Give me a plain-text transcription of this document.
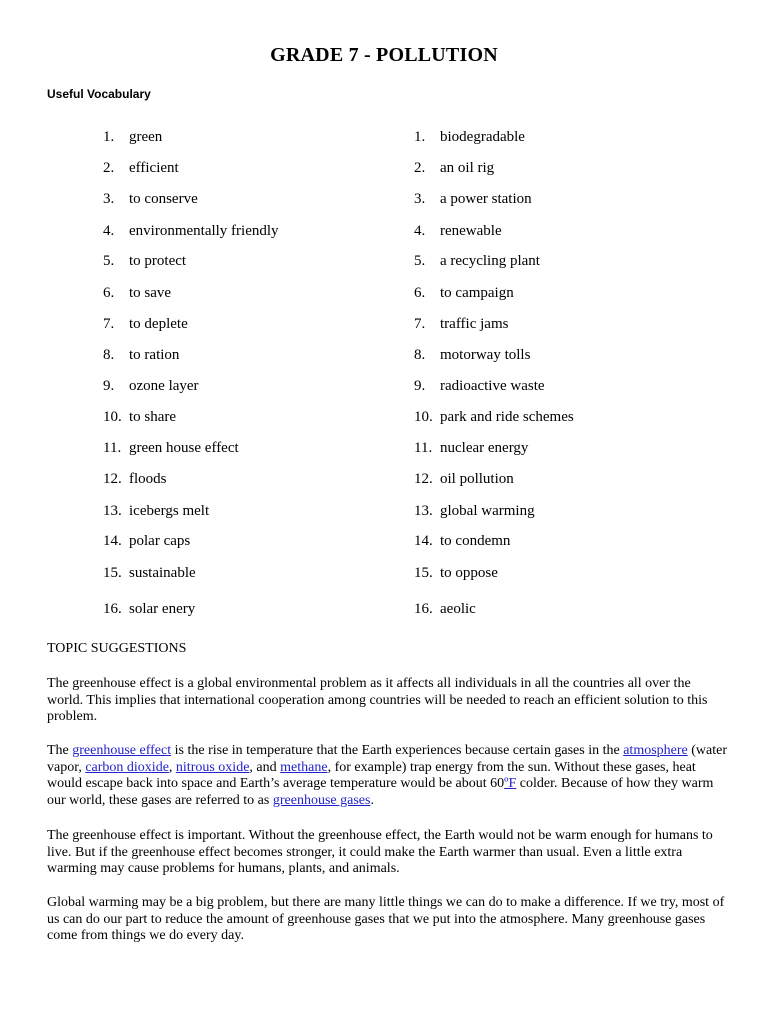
GRADE 7 - POLLUTION
Useful Vocabulary
1. green
2. efficient
3. to conserve
4. environmentally friendly
5. to protect
6. to save
7. to deplete
8. to ration
9. ozone layer
10. to share
11. green house effect
12. floods
13. icebergs melt
14. polar caps
15. sustainable
16. solar enery
1. biodegradable
2. an oil rig
3. a power station
4. renewable
5. a recycling plant
6. to campaign
7. traffic jams
8. motorway tolls
9. radioactive waste
10. park and ride schemes
11. nuclear energy
12. oil pollution
13. global warming
14. to condemn
15. to oppose
16. aeolic
TOPIC SUGGESTIONS

The greenhouse effect is a global environmental problem as it affects all individuals in all the countries all over the world. This implies that international cooperation among countries will be needed to reach an efficient solution to this problem.

The greenhouse effect is the rise in temperature that the Earth experiences because certain gases in the atmosphere (water vapor, carbon dioxide, nitrous oxide, and methane, for example) trap energy from the sun. Without these gases, heat would escape back into space and Earth’s average temperature would be about 60ºF colder. Because of how they warm our world, these gases are referred to as greenhouse gases.

The greenhouse effect is important. Without the greenhouse effect, the Earth would not be warm enough for humans to live. But if the greenhouse effect becomes stronger, it could make the Earth warmer than usual. Even a little extra warming may cause problems for humans, plants, and animals.

Global warming may be a big problem, but there are many little things we can do to make a difference. If we try, most of us can do our part to reduce the amount of greenhouse gases that we put into the atmosphere. Many greenhouse gases come from things we do every day.
